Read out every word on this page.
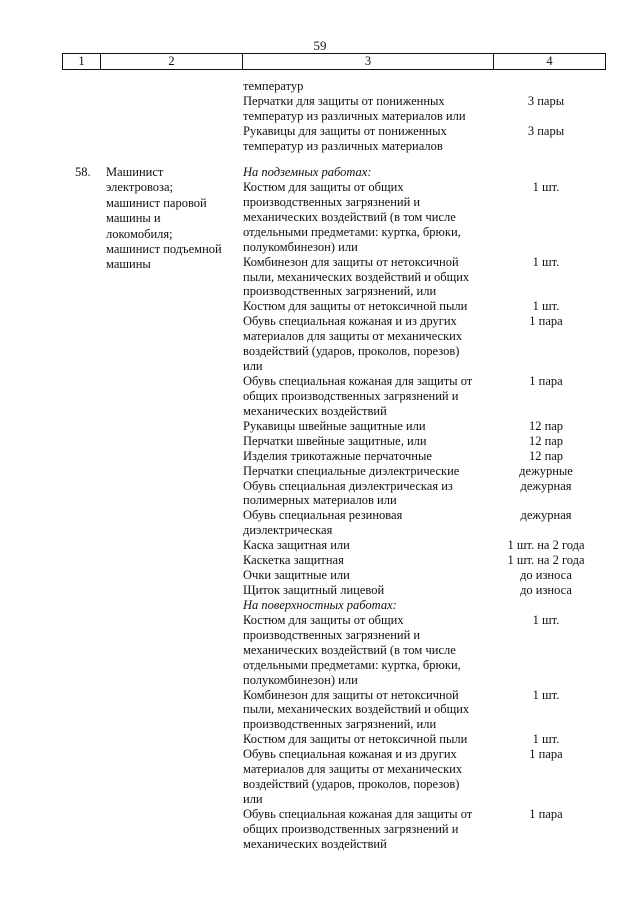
59
1	2	3	4
58. Машинист
электровоза;
машинист паровой
машины и
локомобиля;
машинист подъемной
машины
температур
Перчатки для защиты от пониженных	3 пары
температур из различных материалов или
Рукавицы для защиты от пониженных	3 пары
температур из различных материалов
На подземных работах:
Костюм для защиты от общих	1 шт.
производственных загрязнений и
механических воздействий (в том числе
отдельными предметами: куртка, брюки,
полукомбинезон) или
Комбинезон для защиты от нетоксичной	1 шт.
пыли, механических воздействий и общих
производственных загрязнений, или
Костюм для защиты от нетоксичной пыли	1 шт.
Обувь специальная кожаная и из других	1 пара
материалов для защиты от механических
воздействий (ударов, проколов, порезов)
или
Обувь специальная кожаная для защиты от	1 пара
общих производственных загрязнений и
механических воздействий
Рукавицы швейные защитные или	12 пар
Перчатки швейные защитные, или	12 пар
Изделия трикотажные перчаточные	12 пар
Перчатки специальные диэлектрические	дежурные
Обувь специальная диэлектрическая из	дежурная
полимерных материалов или
Обувь специальная резиновая	дежурная
диэлектрическая
Каска защитная или	1 шт. на 2 года
Каскетка защитная	1 шт. на 2 года
Очки защитные или	до износа
Щиток защитный лицевой	до износа
На поверхностных работах:
Костюм для защиты от общих	1 шт.
производственных загрязнений и
механических воздействий (в том числе
отдельными предметами: куртка, брюки,
полукомбинезон) или
Комбинезон для защиты от нетоксичной	1 шт.
пыли, механических воздействий и общих
производственных загрязнений, или
Костюм для защиты от нетоксичной пыли	1 шт.
Обувь специальная кожаная и из других	1 пара
материалов для защиты от механических
воздействий (ударов, проколов, порезов)
или
Обувь специальная кожаная для защиты от	1 пара
общих производственных загрязнений и
механических воздействий
